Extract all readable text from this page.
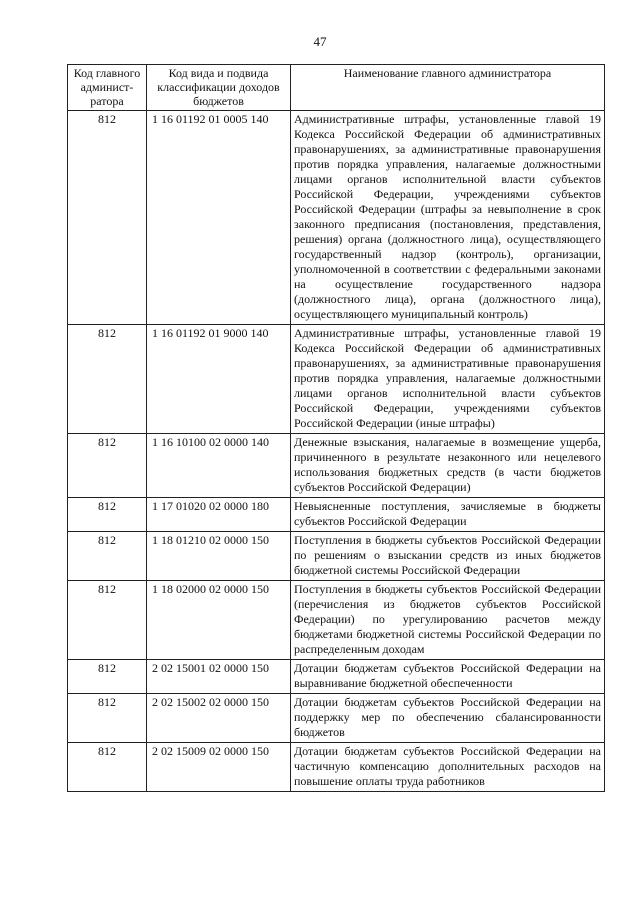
47
Код главного админист-ратора	Код вида и подвида классификации доходов бюджетов	Наименование главного администратора
812	1 16 01192 01 0005 140	Административные штрафы, установленные главой 19 Кодекса Российской Федерации об административных правонарушениях, за административные правонарушения против порядка управления, налагаемые должностными лицами органов исполнительной власти субъектов Российской Федерации, учреждениями субъектов Российской Федерации (штрафы за невыполнение в срок законного предписания (постановления, представления, решения) органа (должностного лица), осуществляющего государственный надзор (контроль), организации, уполномоченной в соответствии с федеральными законами на осуществление государственного надзора (должностного лица), органа (должностного лица), осуществляющего муниципальный контроль)
812	1 16 01192 01 9000 140	Административные штрафы, установленные главой 19 Кодекса Российской Федерации об административных правонарушениях, за административные правонарушения против порядка управления, налагаемые должностными лицами органов исполнительной власти субъектов Российской Федерации, учреждениями субъектов Российской Федерации (иные штрафы)
812	1 16 10100 02 0000 140	Денежные взыскания, налагаемые в возмещение ущерба, причиненного в результате незаконного или нецелевого использования бюджетных средств (в части бюджетов субъектов Российской Федерации)
812	1 17 01020 02 0000 180	Невыясненные поступления, зачисляемые в бюджеты субъектов Российской Федерации
812	1 18 01210 02 0000 150	Поступления в бюджеты субъектов Российской Федерации по решениям о взыскании средств из иных бюджетов бюджетной системы Российской Федерации
812	1 18 02000 02 0000 150	Поступления в бюджеты субъектов Российской Федерации (перечисления из бюджетов субъектов Российской Федерации) по урегулированию расчетов между бюджетами бюджетной системы Российской Федерации по распределенным доходам
812	2 02 15001 02 0000 150	Дотации бюджетам субъектов Российской Федерации на выравнивание бюджетной обеспеченности
812	2 02 15002 02 0000 150	Дотации бюджетам субъектов Российской Федерации на поддержку мер по обеспечению сбалансированности бюджетов
812	2 02 15009 02 0000 150	Дотации бюджетам субъектов Российской Федерации на частичную компенсацию дополнительных расходов на повышение оплаты труда работников
